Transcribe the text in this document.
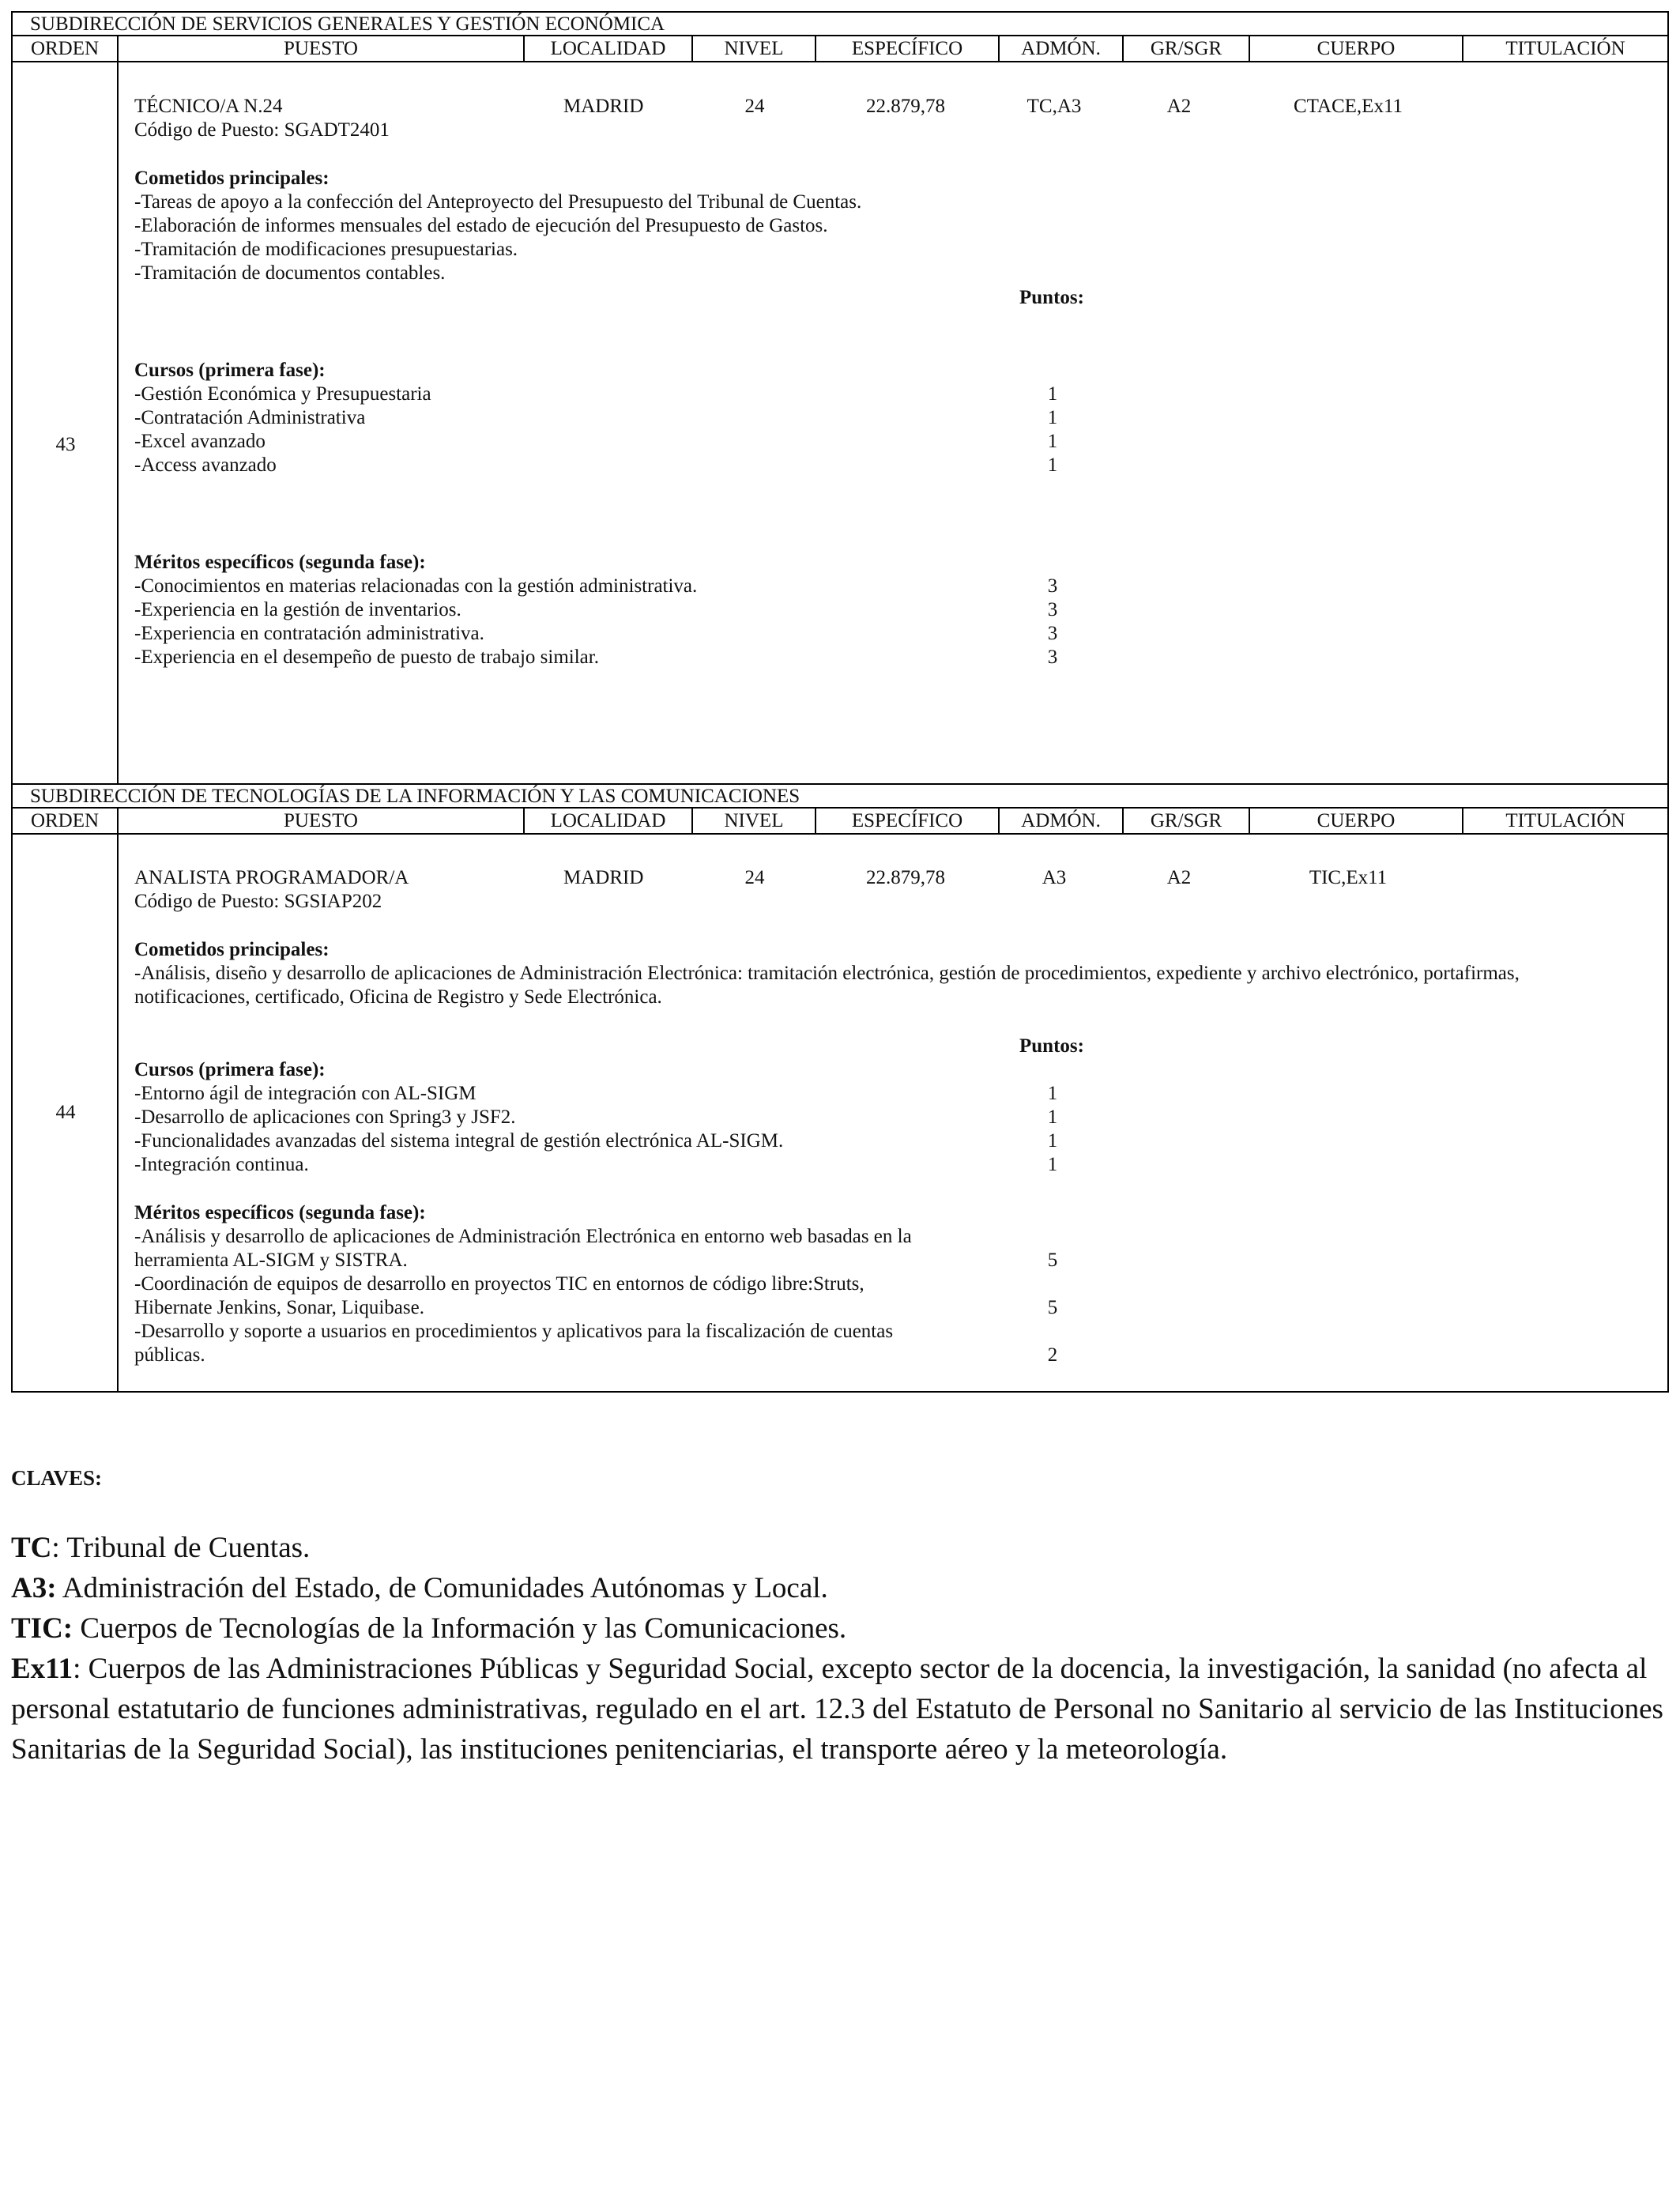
SUBDIRECCIÓN DE SERVICIOS GENERALES Y GESTIÓN ECONÓMICA
ORDEN	PUESTO	LOCALIDAD	NIVEL	ESPECÍFICO	ADMÓN.	GR/SGR	CUERPO	TITULACIÓN
43
TÉCNICO/A N.24
Código de Puesto: SGADT2401
MADRID	24	22.879,78	TC,A3	A2	CTACE,Ex11
Cometidos principales:
-Tareas de apoyo a la confección del Anteproyecto del Presupuesto del Tribunal de Cuentas.
-Elaboración de informes mensuales del estado de ejecución del Presupuesto de Gastos.
-Tramitación de modificaciones presupuestarias.
-Tramitación de documentos contables.
Puntos:
Cursos (primera fase):
-Gestión Económica y Presupuestaria	1
-Contratación Administrativa	1
-Excel avanzado	1
-Access avanzado	1
Méritos específicos (segunda fase):
-Conocimientos en materias relacionadas con la gestión administrativa.	3
-Experiencia en la gestión de inventarios.	3
-Experiencia en contratación administrativa.	3
-Experiencia en el desempeño de puesto de trabajo similar.	3
SUBDIRECCIÓN DE TECNOLOGÍAS DE LA INFORMACIÓN Y LAS COMUNICACIONES
ORDEN	PUESTO	LOCALIDAD	NIVEL	ESPECÍFICO	ADMÓN.	GR/SGR	CUERPO	TITULACIÓN
44
ANALISTA PROGRAMADOR/A
Código de Puesto: SGSIAP202
MADRID	24	22.879,78	A3	A2	TIC,Ex11
Cometidos principales:
-Análisis, diseño y desarrollo de aplicaciones de Administración Electrónica: tramitación electrónica, gestión de procedimientos, expediente y archivo electrónico, portafirmas,
notificaciones, certificado, Oficina de Registro y Sede Electrónica.
Puntos:
Cursos (primera fase):
-Entorno ágil de integración con AL-SIGM	1
-Desarrollo de aplicaciones con Spring3 y JSF2.	1
-Funcionalidades avanzadas del sistema integral de gestión electrónica AL-SIGM.	1
-Integración continua.	1
Méritos específicos (segunda fase):
-Análisis y desarrollo de aplicaciones de Administración Electrónica en entorno web basadas en la
herramienta AL-SIGM y SISTRA.	5
-Coordinación de equipos de desarrollo en proyectos TIC en entornos de código libre:Struts,
Hibernate Jenkins, Sonar, Liquibase.	5
-Desarrollo y soporte a usuarios en procedimientos y aplicativos para la fiscalización de cuentas
públicas.	2
CLAVES:

TC: Tribunal de Cuentas.

A3: Administración del Estado, de Comunidades Autónomas y Local.

TIC: Cuerpos de Tecnologías de la Información y las Comunicaciones.

Ex11: Cuerpos de las Administraciones Públicas y Seguridad Social, excepto sector de la docencia, la investigación, la sanidad (no afecta al personal estatutario de funciones administrativas, regulado en el art. 12.3 del Estatuto de Personal no Sanitario al servicio de las Instituciones Sanitarias de la Seguridad Social), las instituciones penitenciarias, el transporte aéreo y la meteorología.
